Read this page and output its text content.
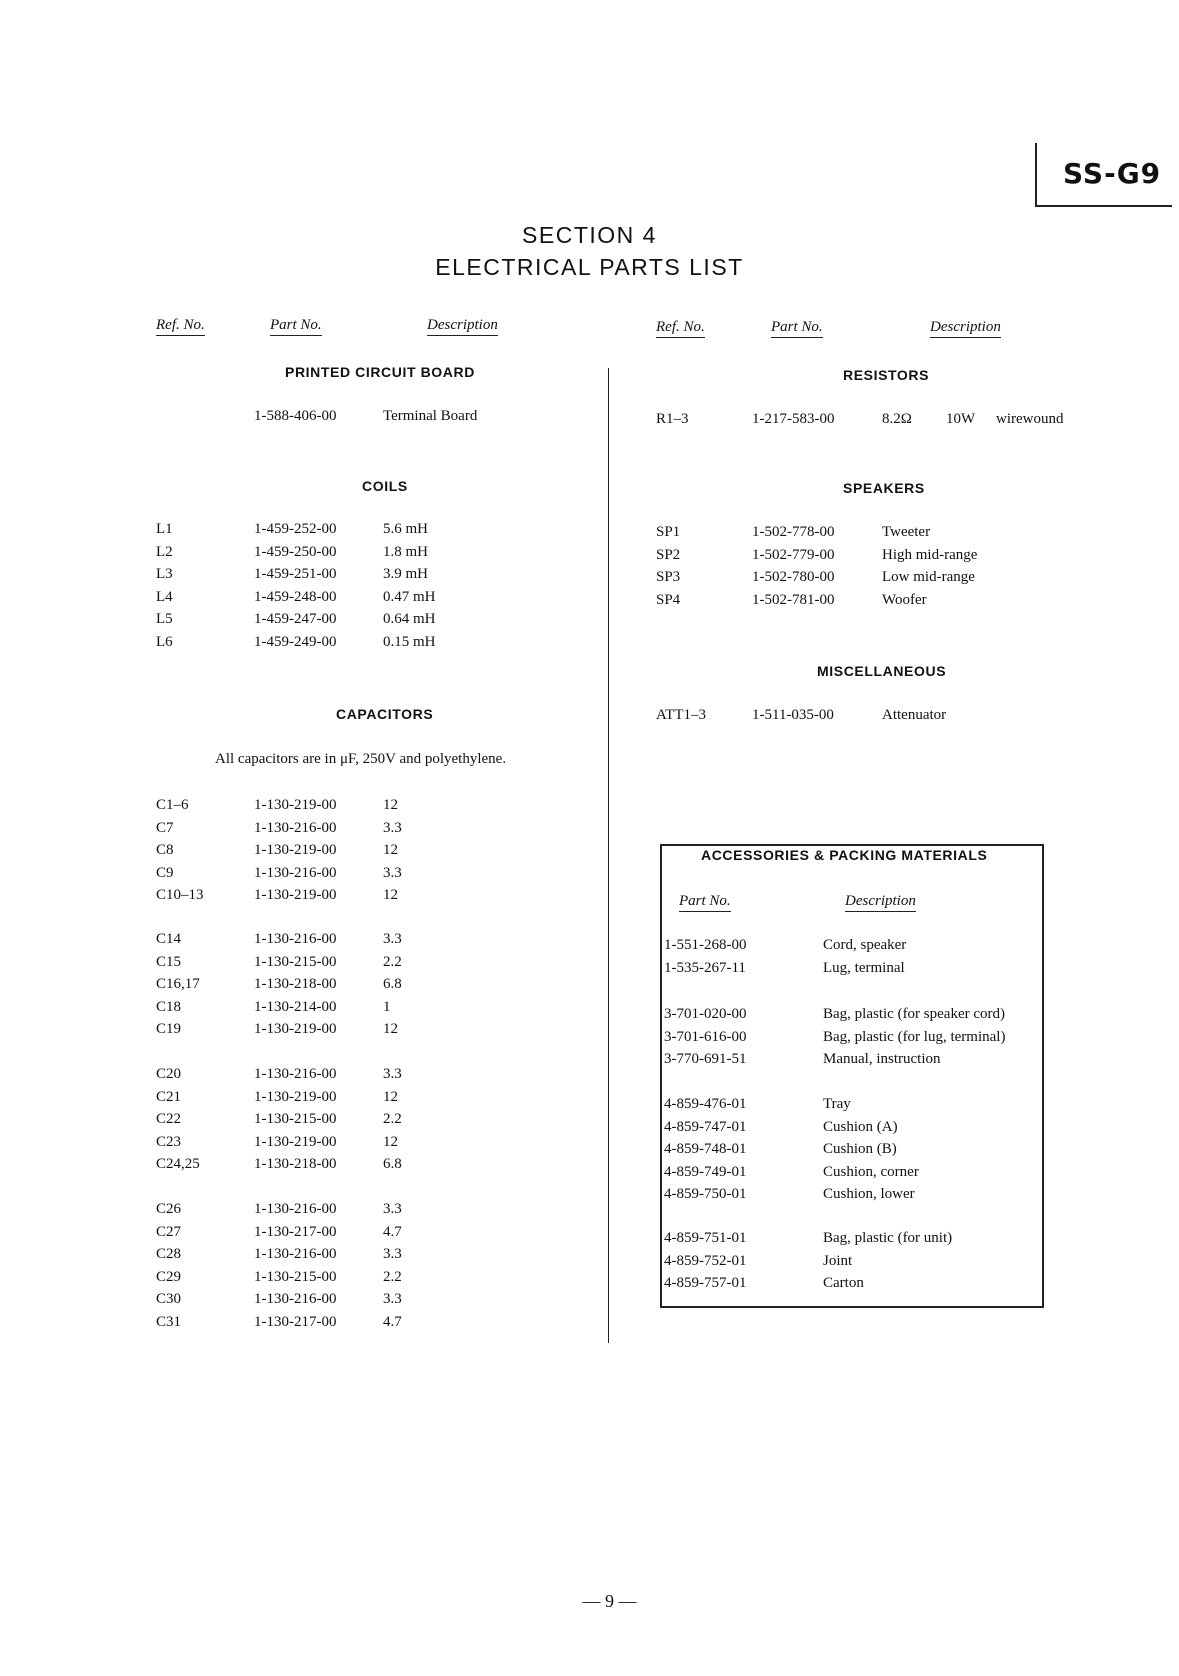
SS-G9
SECTION 4
ELECTRICAL PARTS LIST
Ref. No.	Part No.	Description	Ref. No.	Part No.	Description
PRINTED CIRCUIT BOARD
1-588-406-00	Terminal Board
COILS
L1	1-459-252-00	5.6 mH
L2	1-459-250-00	1.8 mH
L3	1-459-251-00	3.9 mH
L4	1-459-248-00	0.47 mH
L5	1-459-247-00	0.64 mH
L6	1-459-249-00	0.15 mH
CAPACITORS
All capacitors are in μF, 250V and polyethylene.
C1–6	1-130-219-00	12
C7	1-130-216-00	3.3
C8	1-130-219-00	12
C9	1-130-216-00	3.3
C10–13	1-130-219-00	12
C14	1-130-216-00	3.3
C15	1-130-215-00	2.2
C16,17	1-130-218-00	6.8
C18	1-130-214-00	1
C19	1-130-219-00	12
C20	1-130-216-00	3.3
C21	1-130-219-00	12
C22	1-130-215-00	2.2
C23	1-130-219-00	12
C24,25	1-130-218-00	6.8
C26	1-130-216-00	3.3
C27	1-130-217-00	4.7
C28	1-130-216-00	3.3
C29	1-130-215-00	2.2
C30	1-130-216-00	3.3
C31	1-130-217-00	4.7
RESISTORS
R1–3	1-217-583-00	8.2Ω 10W wirewound
SPEAKERS
SP1	1-502-778-00	Tweeter
SP2	1-502-779-00	High mid-range
SP3	1-502-780-00	Low mid-range
SP4	1-502-781-00	Woofer
MISCELLANEOUS
ATT1–3	1-511-035-00	Attenuator
ACCESSORIES & PACKING MATERIALS
Part No.	Description
1-551-268-00	Cord, speaker
1-535-267-11	Lug, terminal
3-701-020-00	Bag, plastic (for speaker cord)
3-701-616-00	Bag, plastic (for lug, terminal)
3-770-691-51	Manual, instruction
4-859-476-01	Tray
4-859-747-01	Cushion (A)
4-859-748-01	Cushion (B)
4-859-749-01	Cushion, corner
4-859-750-01	Cushion, lower
4-859-751-01	Bag, plastic (for unit)
4-859-752-01	Joint
4-859-757-01	Carton
— 9 —
